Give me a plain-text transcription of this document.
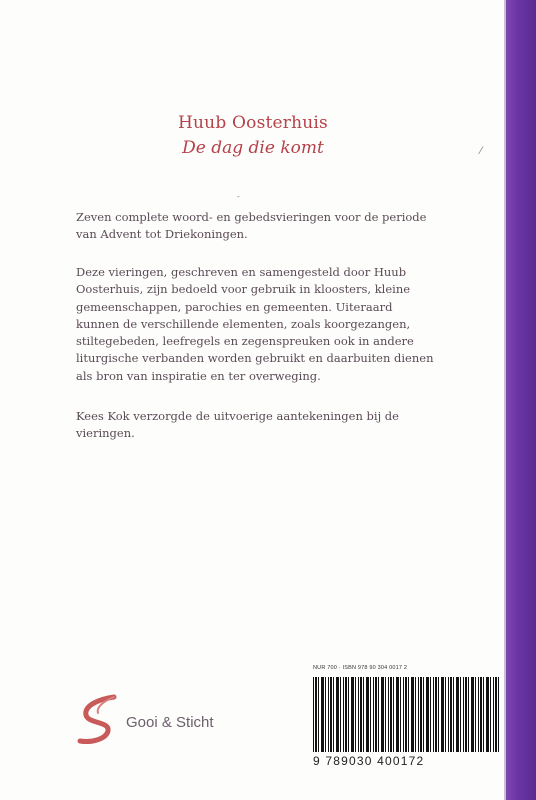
Huub Oosterhuis
De dag die komt	⁄
‐
Zeven complete woord- en gebedsvieringen voor de periode van Advent tot Driekoningen.
Deze vieringen, geschreven en samengesteld door Huub Oosterhuis, zijn bedoeld voor gebruik in kloosters, kleine gemeenschappen, parochies en gemeenten. Uiteraard kunnen de verschillende elementen, zoals koorgezangen, stiltegebeden, leefregels en zegenspreuken ook in andere liturgische verbanden worden gebruikt en daarbuiten dienen als bron van inspiratie en ter overweging.
Kees Kok verzorgde de uitvoerige aantekeningen bij de vieringen.
Gooi & Sticht
NUR 700 · ISBN 978 90 304 0017 2
9 789030 400172
